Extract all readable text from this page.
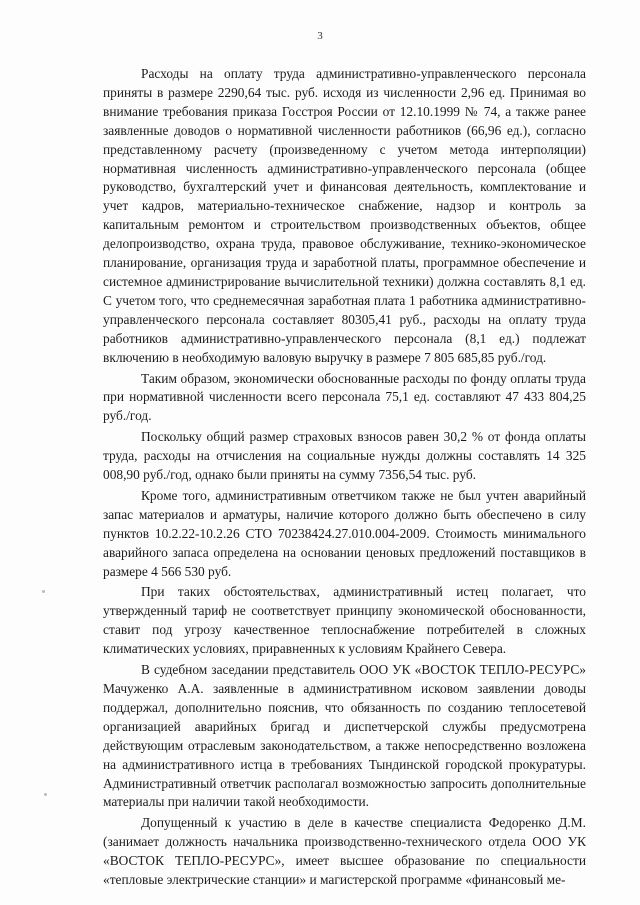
3

Расходы на оплату труда административно-управленческого персонала приняты в размере 2290,64 тыс. руб. исходя из численности 2,96 ед. Принимая во внимание требования приказа Госстроя России от 12.10.1999 № 74, а также ранее заявленные доводов о нормативной численности работников (66,96 ед.), согласно представленному расчету (произведенному с учетом метода интерполяции) нормативная численность административно-управленческого персонала (общее руководство, бухгалтерский учет и финансовая деятельность, комплектование и учет кадров, материально-техническое снабжение, надзор и контроль за капитальным ремонтом и строительством производственных объектов, общее делопроизводство, охрана труда, правовое обслуживание, технико-экономическое планирование, организация труда и заработной платы, программное обеспечение и системное администрирование вычислительной техники) должна составлять 8,1 ед. С учетом того, что среднемесячная заработная плата 1 работника административно-управленческого персонала составляет 80305,41 руб., расходы на оплату труда работников административно-управленческого персонала (8,1 ед.) подлежат включению в необходимую валовую выручку в размере 7 805 685,85 руб./год.

Таким образом, экономически обоснованные расходы по фонду оплаты труда при нормативной численности всего персонала 75,1 ед. составляют 47 433 804,25 руб./год.

Поскольку общий размер страховых взносов равен 30,2 % от фонда оплаты труда, расходы на отчисления на социальные нужды должны составлять 14 325 008,90 руб./год, однако были приняты на сумму 7356,54 тыс. руб.

Кроме того, административным ответчиком также не был учтен аварийный запас материалов и арматуры, наличие которого должно быть обеспечено в силу пунктов 10.2.22-10.2.26 СТО 70238424.27.010.004-2009. Стоимость минимального аварийного запаса определена на основании ценовых предложений поставщиков в размере 4 566 530 руб.

При таких обстоятельствах, административный истец полагает, что утвержденный тариф не соответствует принципу экономической обоснованности, ставит под угрозу качественное теплоснабжение потребителей в сложных климатических условиях, приравненных к условиям Крайнего Севера.

В судебном заседании представитель ООО УК «ВОСТОК ТЕПЛО-РЕСУРС» Мачуженко А.А. заявленные в административном исковом заявлении доводы поддержал, дополнительно пояснив, что обязанность по созданию теплосетевой организацией аварийных бригад и диспетчерской службы предусмотрена действующим отраслевым законодательством, а также непосредственно возложена на административного истца в требованиях Тындинской городской прокуратуры. Административный ответчик располагал возможностью запросить дополнительные материалы при наличии такой необходимости.

Допущенный к участию в деле в качестве специалиста Федоренко Д.М. (занимает должность начальника производственно-технического отдела ООО УК «ВОСТОК ТЕПЛО-РЕСУРС», имеет высшее образование по специальности «тепловые электрические станции» и магистерской программе «финансовый ме-
